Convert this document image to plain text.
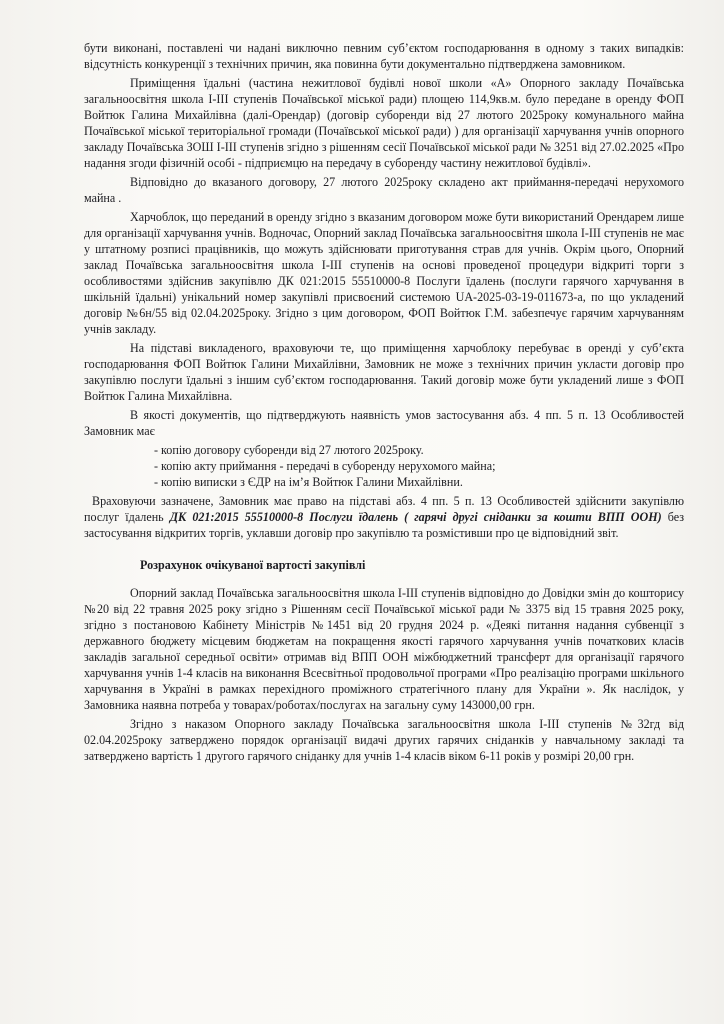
бути виконані, поставлені чи надані виключно певним суб’єктом господарювання в одному з таких випадків: відсутність конкуренції з технічних причин, яка повинна бути документально підтверджена замовником.

Приміщення їдальні (частина нежитлової будівлі нової школи «А» Опорного закладу Почаївська загальноосвітня школа І-ІІІ ступенів Почаївської міської ради) площею 114,9кв.м. було передане в оренду ФОП Войтюк Галина Михайлівна (далі-Орендар) (договір суборенди від 27 лютого 2025року комунального майна Почаївської міської територіальної громади (Почаївської міської ради) ) для організації харчування учнів опорного закладу Почаївська ЗОШ І-ІІІ ступенів згідно з рішенням сесії Почаївської міської ради № 3251 від 27.02.2025 «Про надання згоди фізичній особі - підприємцю на передачу в суборенду частину нежитлової будівлі».

Відповідно до вказаного договору, 27 лютого 2025року складено акт приймання-передачі нерухомого майна .

Харчоблок, що переданий в оренду згідно з вказаним договором може бути використаний Орендарем лише для організації харчування учнів. Водночас, Опорний заклад Почаївська загальноосвітня школа І-ІІІ ступенів не має у штатному розписі працівників, що можуть здійснювати приготування страв для учнів. Окрім цього, Опорний заклад Почаївська загальноосвітня школа І-ІІІ ступенів на основі проведеної процедури відкриті торги з особливостями здійснив закупівлю ДК 021:2015 55510000-8 Послуги їдалень (послуги гарячого харчування в шкільній їдальні) унікальний номер закупівлі присвоєний системою UA-2025-03-19-011673-а, по що укладений договір №6н/55 від 02.04.2025року. Згідно з цим договором, ФОП Войтюк Г.М. забезпечує гарячим харчуванням учнів закладу.

На підставі викладеного, враховуючи те, що приміщення харчоблоку перебуває в оренді у суб’єкта господарювання ФОП Войтюк Галини Михайлівни, Замовник не може з технічних причин укласти договір про закупівлю послуги їдальні з іншим суб’єктом господарювання. Такий договір може бути укладений лише з ФОП Войтюк Галина Михайлівна.

В якості документів, що підтверджують наявність умов застосування абз. 4 пп. 5 п. 13 Особливостей Замовник має

- копію договору суборенди від 27 лютого 2025року.

- копію акту приймання - передачі в суборенду нерухомого майна;

- копію виписки з ЄДР на ім’я Войтюк Галини Михайлівни.

Враховуючи зазначене, Замовник має право на підставі абз. 4 пп. 5 п. 13 Особливостей здійснити закупівлю послуг їдалень ДК 021:2015 55510000-8 Послуги їдалень ( гарячі другі сніданки за кошти ВПП ООН) без застосування відкритих торгів, уклавши договір про закупівлю та розмістивши про це відповідний звіт.

Розрахунок очікуваної вартості закупівлі

Опорний заклад Почаївська загальноосвітня школа І-ІІІ ступенів відповідно до Довідки змін до кошторису №20 від 22 травня 2025 року згідно з Рішенням сесії Почаївської міської ради № 3375 від 15 травня 2025 року, згідно з постановою Кабінету Міністрів №1451 від 20 грудня 2024 р. «Деякі питання надання субвенції з державного бюджету місцевим бюджетам на покращення якості гарячого харчування учнів початкових класів закладів загальної середньої освіти» отримав від ВПП ООН міжбюджетний трансферт для організації гарячого харчування учнів 1-4 класів на виконання Всесвітньої продовольчої програми «Про реалізацію програми шкільного харчування в Україні в рамках перехідного проміжного стратегічного плану для України ». Як наслідок, у Замовника наявна потреба у товарах/роботах/послугах на загальну суму 143000,00 грн.

Згідно з наказом Опорного закладу Почаївська загальноосвітня школа І-ІІІ ступенів №32гд від 02.04.2025року затверджено порядок організації видачі других гарячих сніданків у навчальному закладі та затверджено вартість 1 другого гарячого сніданку для учнів 1-4 класів віком 6-11 років у розмірі 20,00 грн.
